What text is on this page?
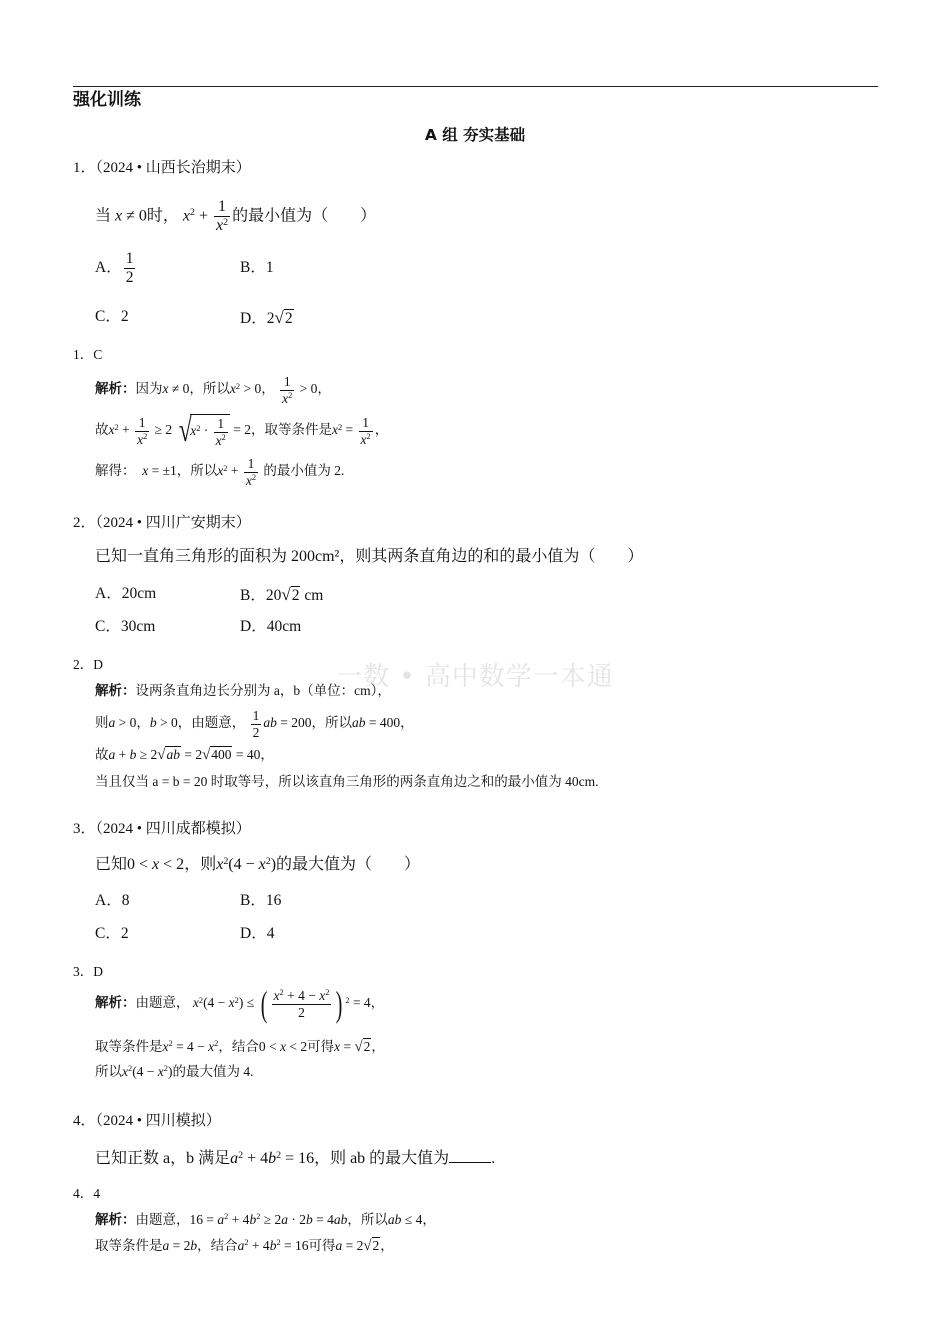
强化训练
A 组 夯实基础
一数 • 高中数学一本通
1．（2024 • 山西长治期末）
当 x ≠ 0时， $x^2 + \frac{1}{x^2}$ 的最小值为（　　）
A． $\frac{1}{2}$	B．1
C．2	D．2√2
1．C
解析：因为x ≠ 0，所以$x^2 > 0$， $\frac{1}{x^2} > 0$，
故$x^2 + \frac{1}{x^2} \ge 2$ $√x^2 \cdot \frac{1}{x^2} = 2$，取等条件是$x^2 = \frac{1}{x^2}$ ，
解得：　 x = ±1，所以$x^2 + \frac{1}{x^2}$ 的最小值为 2.
2．（2024 • 四川广安期末）
已知一直角三角形的面积为 200cm²，则其两条直角边的和的最小值为（　　）
A．20cm	B．20√2 cm
C．30cm	D．40cm
2．D
解析：设两条直角边长分别为 a，b（单位：cm），
则a > 0，b > 0，由题意， $\frac{1}{2}$ ab = 200，所以ab = 400，
故a + b ≥ 2√ab = 2√400 = 40，
当且仅当 a = b = 20 时取等号，所以该直角三角形的两条直角边之和的最小值为 40cm.
3．（2024 • 四川成都模拟）
已知0 < x < 2，则$x^2(4 - x^2)$的最大值为（　　）
A．8	B．16
C．2	D．4
3．D
解析：由题意， $x^2(4 - x^2)$ ≤ ( $\frac{x^2 + 4 - x^2}{2}$ ) $^2$ = 4，
取等条件是$x^2 = 4 - x^2$，结合0 < x < 2可得x = √2，
所以$x^2(4 - x^2)$的最大值为 4.
4．（2024 • 四川模拟）
已知正数 a，b 满足$a^2 + 4b^2 = 16$，则 ab 的最大值为	.
4．4
解析：由题意，$16 = a^2 + 4b^2 \ge 2a \cdot 2b = 4ab$，所以ab ≤ 4，
取等条件是a = 2b，结合$a^2 + 4b^2 = 16$可得a = 2√2，
